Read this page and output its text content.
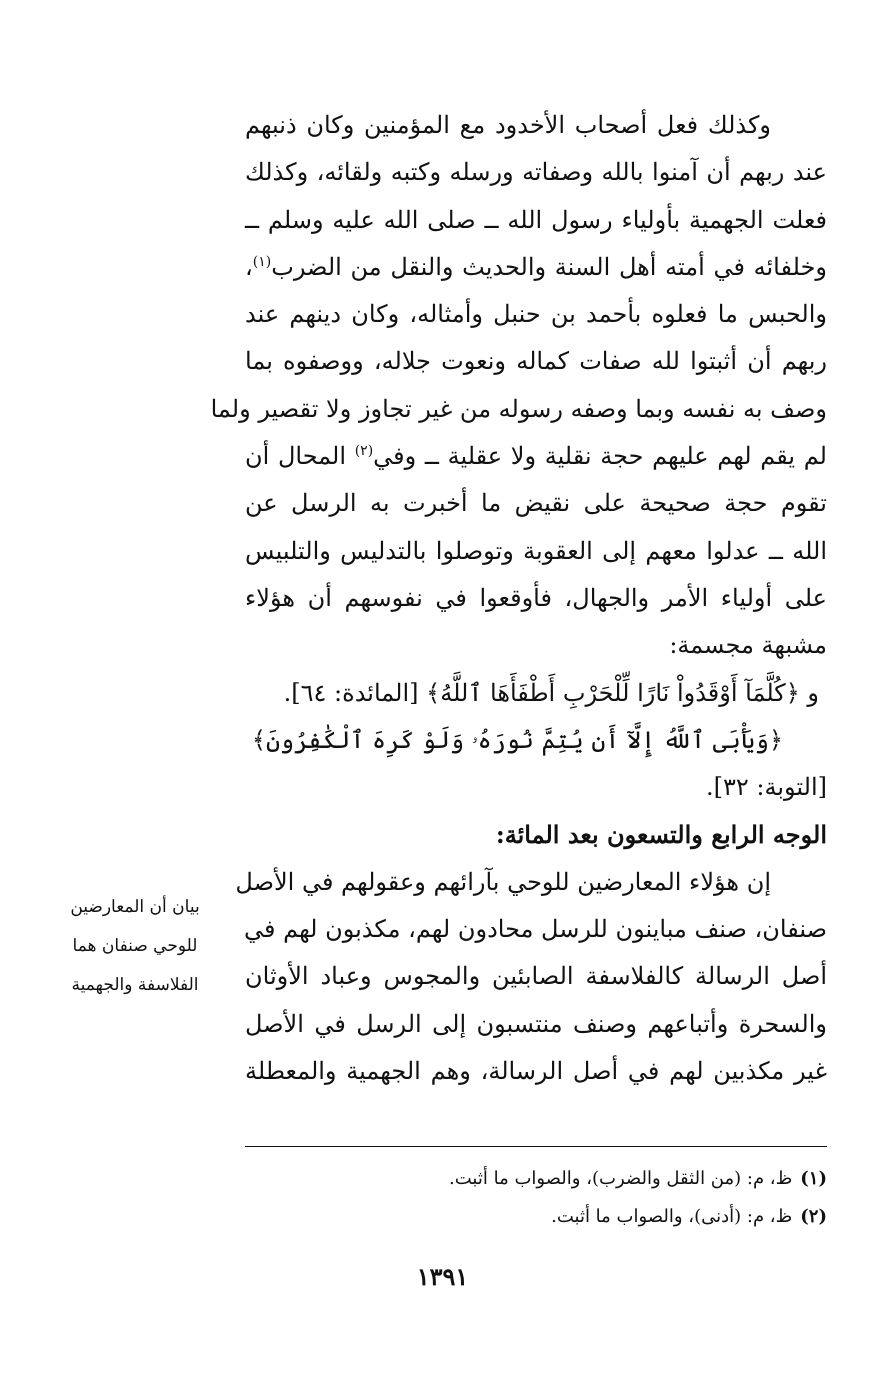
وكذلك فعل أصحاب الأخدود مع المؤمنين وكان ذنبهم
عند ربهم أن آمنوا بالله وصفاته ورسله وكتبه ولقائه، وكذلك
فعلت الجهمية بأولياء رسول الله ــ صلى الله عليه وسلم ــ
وخلفائه في أمته أهل السنة والحديث والنقل من الضرب$^{(١)}$،
والحبس ما فعلوه بأحمد بن حنبل وأمثاله، وكان دينهم عند
ربهم أن أثبتوا لله صفات كماله ونعوت جلاله، ووصفوه بما
وصف به نفسه وبما وصفه رسوله من غير تجاوز ولا تقصير ولما
لم يقم لهم عليهم حجة نقلية ولا عقلية ــ وفي$^{(٢)}$ المحال أن
تقوم حجة صحيحة على نقيض ما أخبرت به الرسل عن
الله ــ عدلوا معهم إلى العقوبة وتوصلوا بالتدليس والتلبيس
على أولياء الأمر والجهال، فأوقعوا في نفوسهم أن هؤلاء
مشبهة مجسمة:
و ﴿كُلَّمَآ أَوْقَدُواْ نَارًا لِّلْحَرْبِ أَطْفَأَهَا ٱللَّهُ﴾ [المائدة: ٦٤].
﴿وَيَأْبَى ٱللَّهُ إِلَّآ أَن يُتِمَّ نُورَهُۥ وَلَوْ كَرِهَ ٱلْكَٰفِرُونَ﴾
[التوبة: ٣٢].
الوجه الرابع والتسعون بعد المائة:
إن هؤلاء المعارضين للوحي بآرائهم وعقولهم في الأصل
صنفان، صنف مباينون للرسل محادون لهم، مكذبون لهم في
أصل الرسالة كالفلاسفة الصابئين والمجوس وعباد الأوثان
والسحرة وأتباعهم وصنف منتسبون إلى الرسل في الأصل
غير مكذبين لهم في أصل الرسالة، وهم الجهمية والمعطلة
بيان أن المعارضين
للوحي صنفان هما
الفلاسفة والجهمية
(١)ظ، م: (من الثقل والضرب)، والصواب ما أثبت.
(٢)ظ، م: (أدنى)، والصواب ما أثبت.
١٣٩١
